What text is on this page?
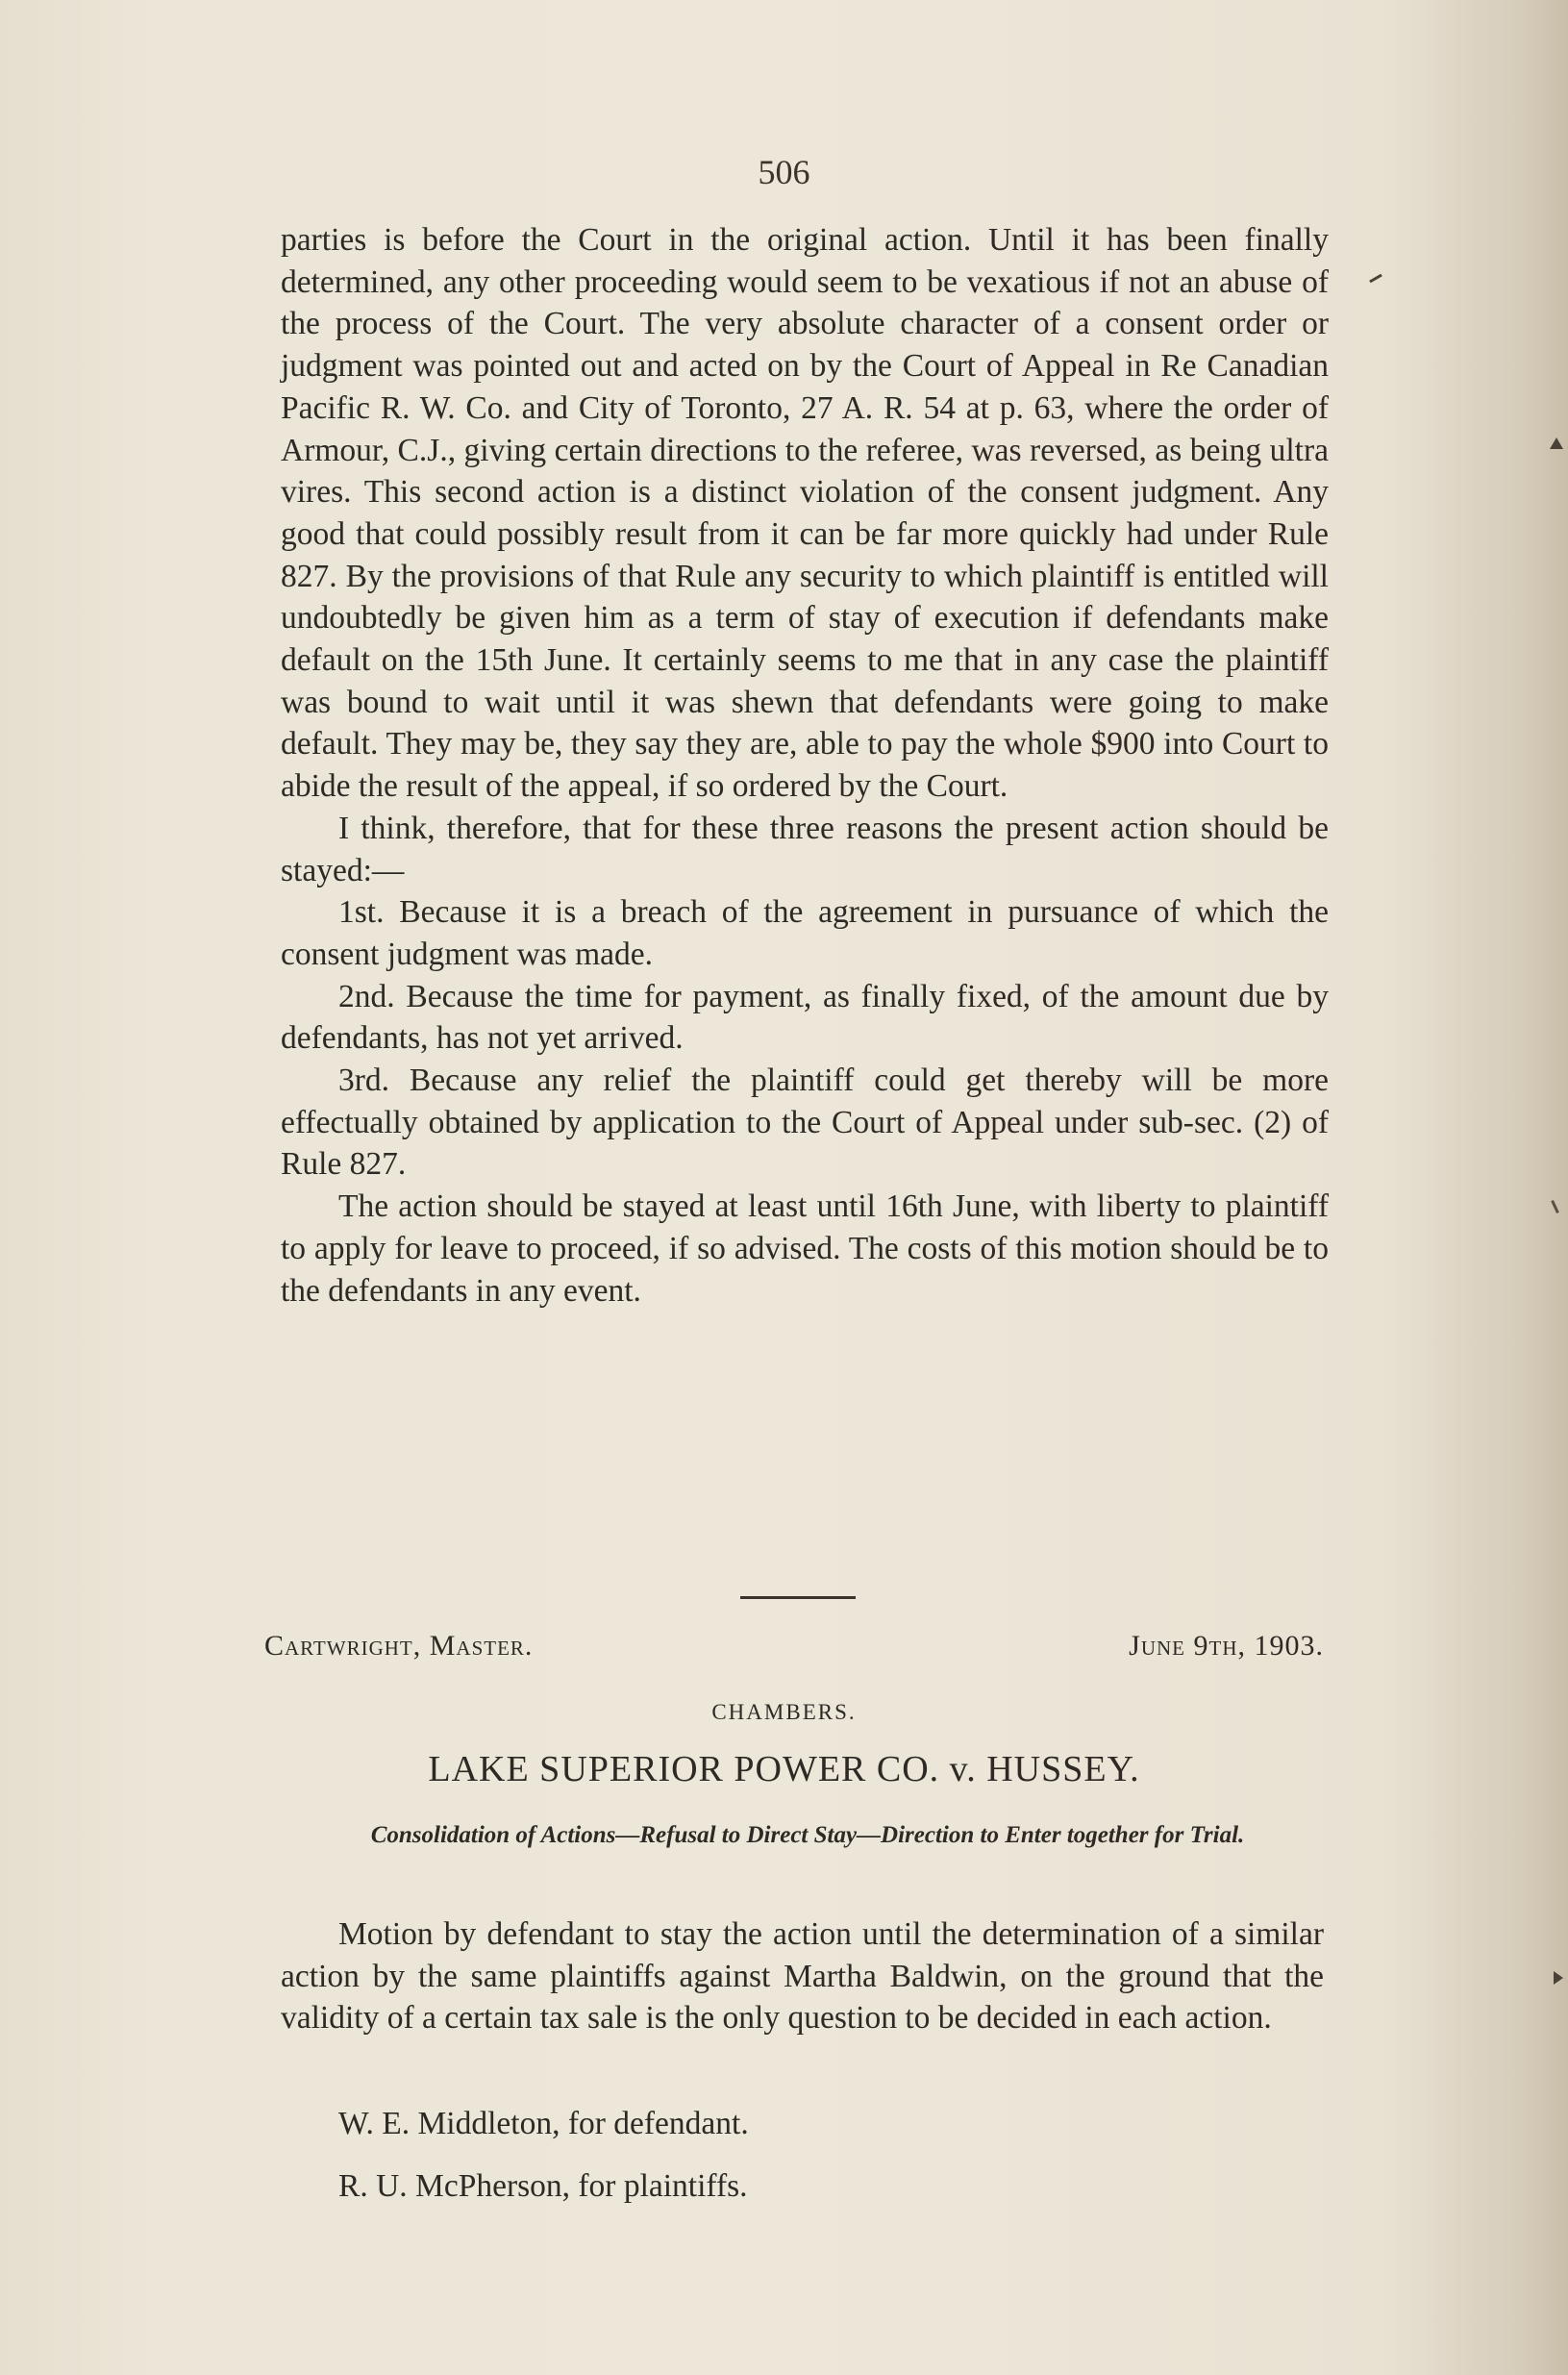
506

parties is before the Court in the original action. Until it has been finally determined, any other proceeding would seem to be vexatious if not an abuse of the process of the Court. The very absolute character of a consent order or judgment was pointed out and acted on by the Court of Appeal in Re Canadian Pacific R. W. Co. and City of Toronto, 27 A. R. 54 at p. 63, where the order of Armour, C.J., giving certain directions to the referee, was reversed, as being ultra vires. This second action is a distinct violation of the consent judgment. Any good that could possibly result from it can be far more quickly had under Rule 827. By the provisions of that Rule any security to which plaintiff is entitled will undoubtedly be given him as a term of stay of execution if defendants make default on the 15th June. It certainly seems to me that in any case the plaintiff was bound to wait until it was shewn that defendants were going to make default. They may be, they say they are, able to pay the whole $900 into Court to abide the result of the appeal, if so ordered by the Court.

I think, therefore, that for these three reasons the present action should be stayed:—

1st. Because it is a breach of the agreement in pursuance of which the consent judgment was made.

2nd. Because the time for payment, as finally fixed, of the amount due by defendants, has not yet arrived.

3rd. Because any relief the plaintiff could get thereby will be more effectually obtained by application to the Court of Appeal under sub-sec. (2) of Rule 827.

The action should be stayed at least until 16th June, with liberty to plaintiff to apply for leave to proceed, if so advised. The costs of this motion should be to the defendants in any event.

Cartwright, Master.	June 9th, 1903.
CHAMBERS.
LAKE SUPERIOR POWER CO. v. HUSSEY.
Consolidation of Actions—Refusal to Direct Stay—Direction to Enter together for Trial.

Motion by defendant to stay the action until the determination of a similar action by the same plaintiffs against Martha Baldwin, on the ground that the validity of a certain tax sale is the only question to be decided in each action.

W. E. Middleton, for defendant.
R. U. McPherson, for plaintiffs.
